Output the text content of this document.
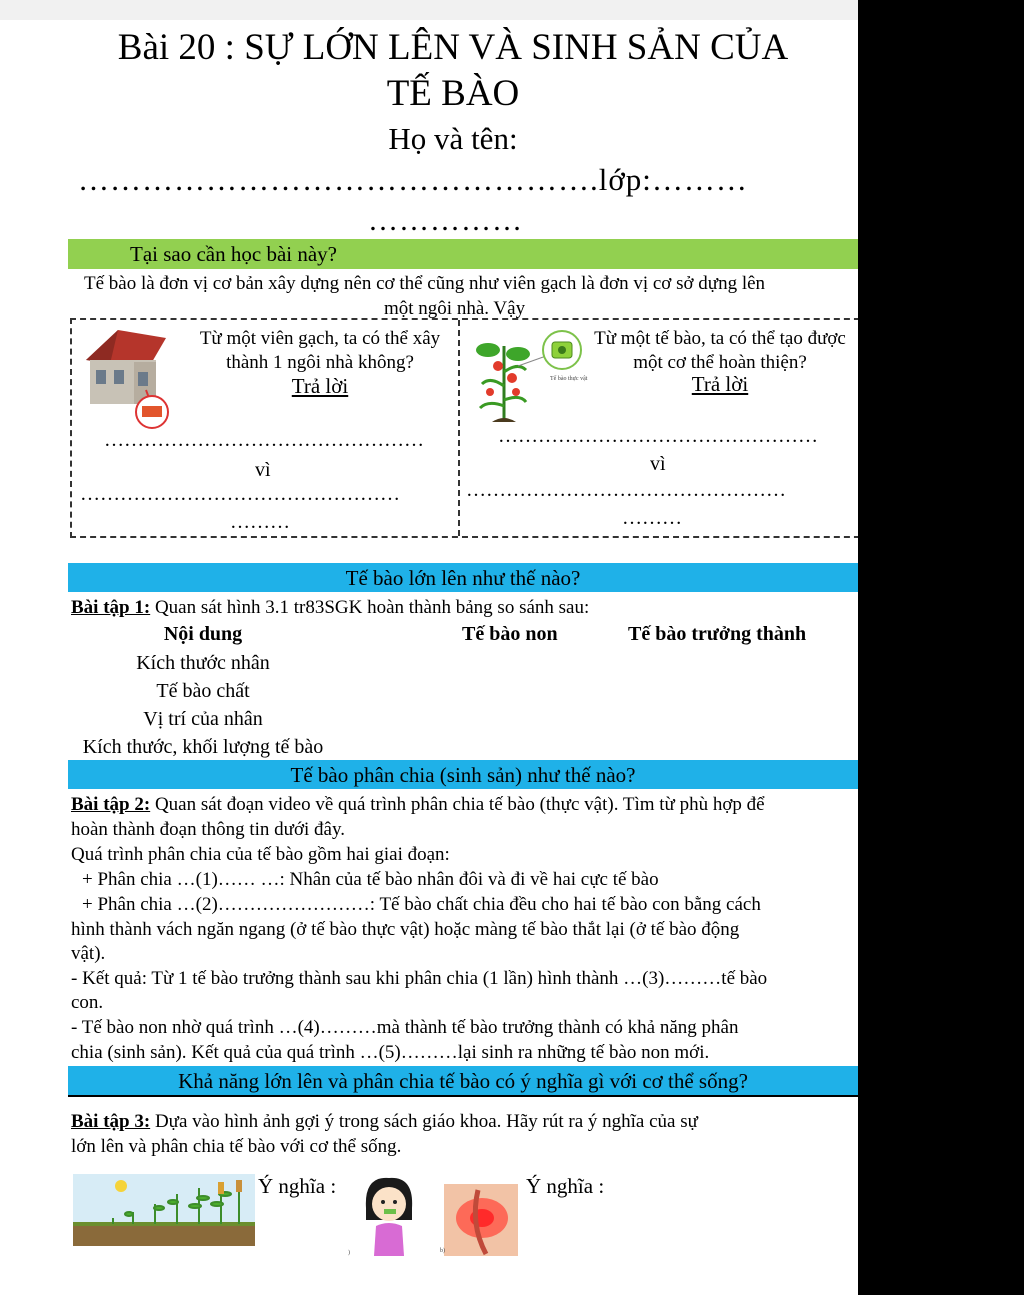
Bài 20 : SỰ LỚN LÊN VÀ SINH SẢN CỦA
TẾ BÀO
Họ và tên:
………………………………………….lớp:………
……………
Tại sao cần học bài này?
Tế bào là đơn vị cơ bản xây dựng nên cơ thể cũng như viên gạch là đơn vị cơ sở dựng lên
một ngôi nhà. Vậy
Từ một viên gạch, ta có thể xây
thành 1 ngôi nhà không?
Trả lời
…………………………………………
vì
…………………………………………
………
Tế bào thực vật
Từ một tế bào, ta có thể tạo được
một cơ thể hoàn thiện?
Trả lời
…………………………………………
vì
…………………………………………
………
Tế bào lớn lên như thế nào?
Bài tập 1: Quan sát hình 3.1 tr83SGK hoàn thành bảng so sánh sau:
Nội dung	Tế bào non	Tế bào trưởng thành
Kích thước nhân
Tế bào chất
Vị trí của nhân
Kích thước, khối lượng tế bào
Tế bào phân chia (sinh sản) như thế nào?
Bài tập 2: Quan sát đoạn video về quá trình phân chia tế bào (thực vật). Tìm từ phù hợp để
hoàn thành đoạn thông tin dưới đây.
Quá trình phân chia của tế bào gồm hai giai đoạn:
+ Phân chia …(1)…… …: Nhân của tế bào nhân đôi và đi về hai cực tế bào
+ Phân chia …(2)……………………: Tế bào chất chia đều cho hai tế bào con bằng cách
hình thành vách ngăn ngang (ở tế bào thực vật) hoặc màng tế bào thắt lại (ở tế bào động
vật).
- Kết quả: Từ 1 tế bào trưởng thành sau khi phân chia (1 lần) hình thành …(3)………tế bào
con.
- Tế bào non nhờ quá trình …(4)………mà thành tế bào trưởng thành có khả năng phân
chia (sinh sản). Kết quả của quá trình …(5)………lại sinh ra những tế bào non mới.
Khả năng lớn lên và phân chia tế bào có ý nghĩa gì với cơ thể sống?
Bài tập 3: Dựa vào hình ảnh gợi ý trong sách giáo khoa. Hãy rút ra ý nghĩa của sự
lớn lên và phân chia tế bào với cơ thể sống.
Ý nghĩa :
)	b)
Ý nghĩa :
